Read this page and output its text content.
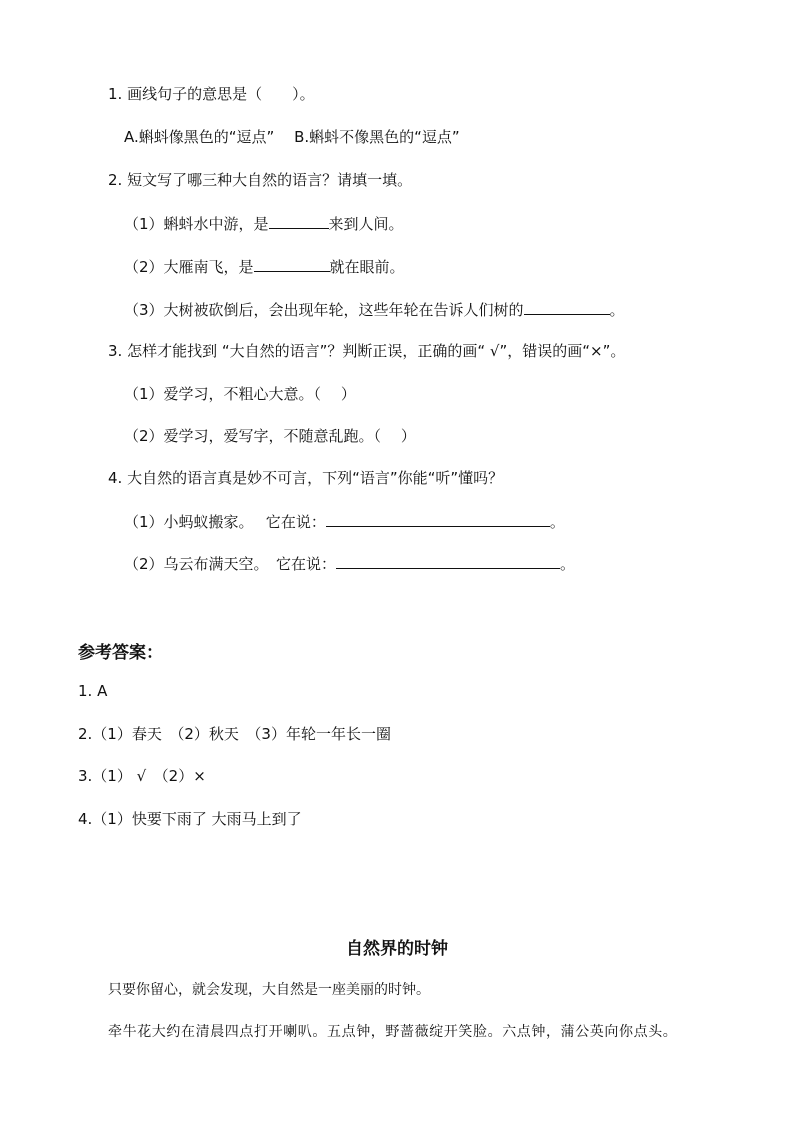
1. 画线句子的意思是（　　）。
A.蝌蚪像黑色的“逗点”　 B.蝌蚪不像黑色的“逗点”
2. 短文写了哪三种大自然的语言？请填一填。
（1）蝌蚪水中游，是	来到人间。
（2）大雁南飞，是	就在眼前。
（3）大树被砍倒后，会出现年轮，这些年轮在告诉人们树的	。
3. 怎样才能找到 “大自然的语言”？判断正误，正确的画“ √”，错误的画“×”。
（1）爱学习，不粗心大意。（　 ）
（2）爱学习，爱写字，不随意乱跑。（　 ）
4. 大自然的语言真是妙不可言，下列“语言”你能“听”懂吗？
（1）小蚂蚁搬家。　 它在说：	。
（2）乌云布满天空。　它在说：	。
参考答案：
1. A
2.（1）春天　（2）秋天　（3）年轮一年长一圈
3.（1） √　（2）×
4.（1）快要下雨了 大雨马上到了
自然界的时钟
只要你留心，就会发现，大自然是一座美丽的时钟。
牵牛花大约在清晨四点打开喇叭。五点钟，野蔷薇绽开笑脸。六点钟，蒲公英向你点头。
